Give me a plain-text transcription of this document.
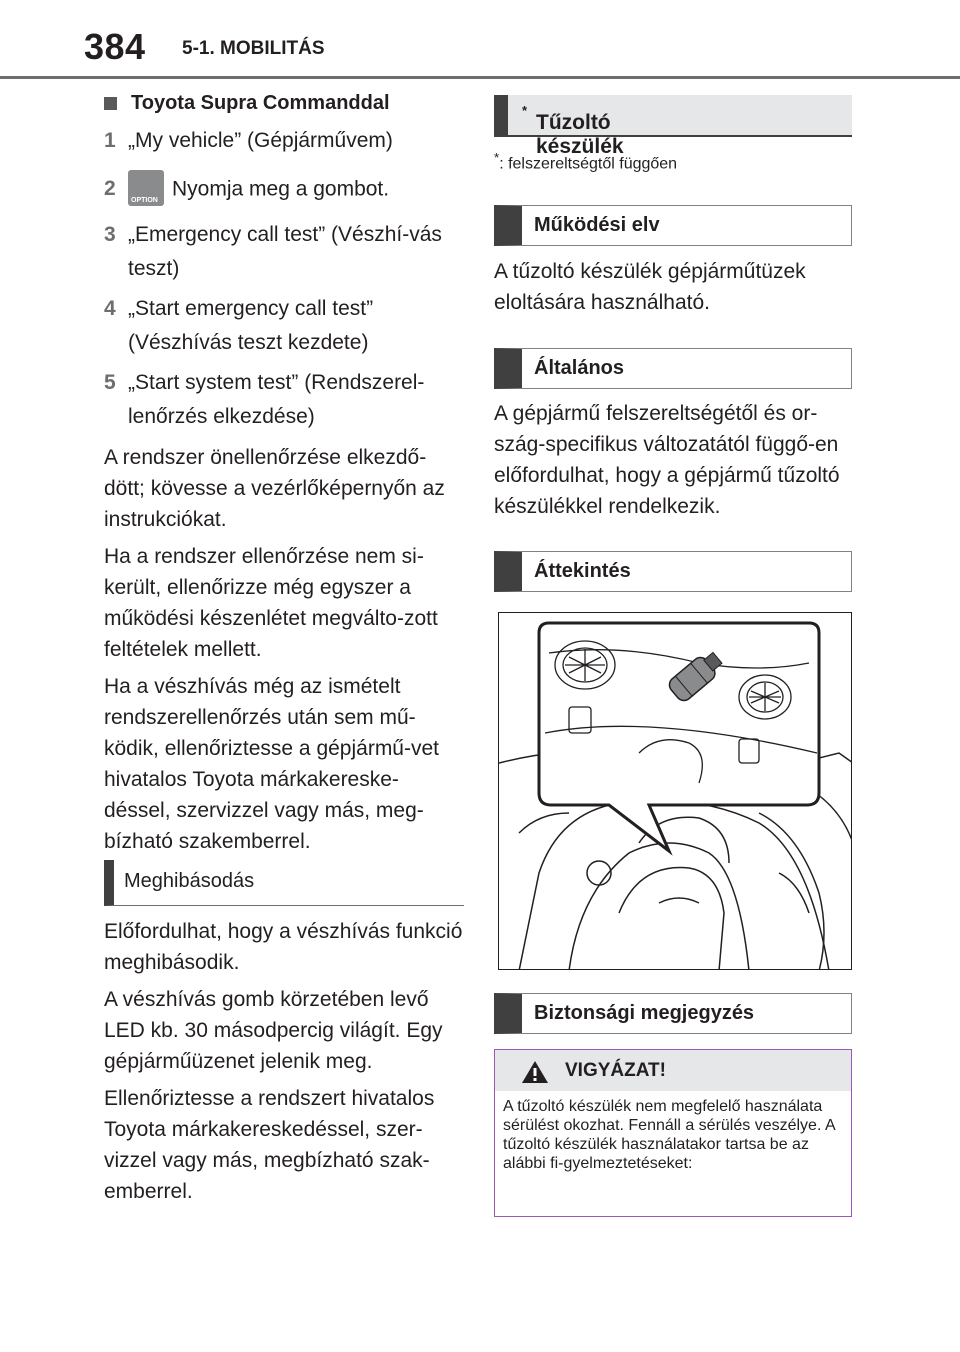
384 5-1. MOBILITÁS
Toyota Supra Commanddal
1 „My vehicle” (Gépjárművem)
2
OPTION Nyomja meg a gombot.
3 „Emergency call test” (Vészhí-vás teszt)
4 „Start emergency call test” (Vészhívás teszt kezdete)
5 „Start system test” (Rendszerel-lenőrzés elkezdése)

A rendszer önellenőrzése elkezdő-dött; kövesse a vezérlőképernyőn az instrukciókat.

Ha a rendszer ellenőrzése nem si-került, ellenőrizze még egyszer a működési készenlétet megválto-zott feltételek mellett.

Ha a vészhívás még az ismételt rendszerellenőrzés után sem mű-ködik, ellenőriztesse a gépjármű-vet hivatalos Toyota márkakereske-déssel, szervizzel vagy más, meg-bízható szakemberrel.

Meghibásodás

Előfordulhat, hogy a vészhívás funkció meghibásodik.

A vészhívás gomb körzetében levő LED kb. 30 másodpercig világít. Egy gépjárműüzenet jelenik meg.

Ellenőriztesse a rendszert hivatalos Toyota márkakereskedéssel, szer-vizzel vagy más, megbízható szak-emberrel.

Tűzoltó készülék
*
*: felszereltségtől függően
Működési elv

A tűzoltó készülék gépjárműtüzek eloltására használható.

Általános

A gépjármű felszereltségétől és or-szág-specifikus változatától függő-en előfordulhat, hogy a gépjármű tűzoltó készülékkel rendelkezik.

Áttekintés
Biztonsági megjegyzés
VIGYÁZAT!
A tűzoltó készülék nem megfelelő használata sérülést okozhat. Fennáll a sérülés veszélye. A tűzoltó készülék használatakor tartsa be az alábbi fi-gyelmeztetéseket:
